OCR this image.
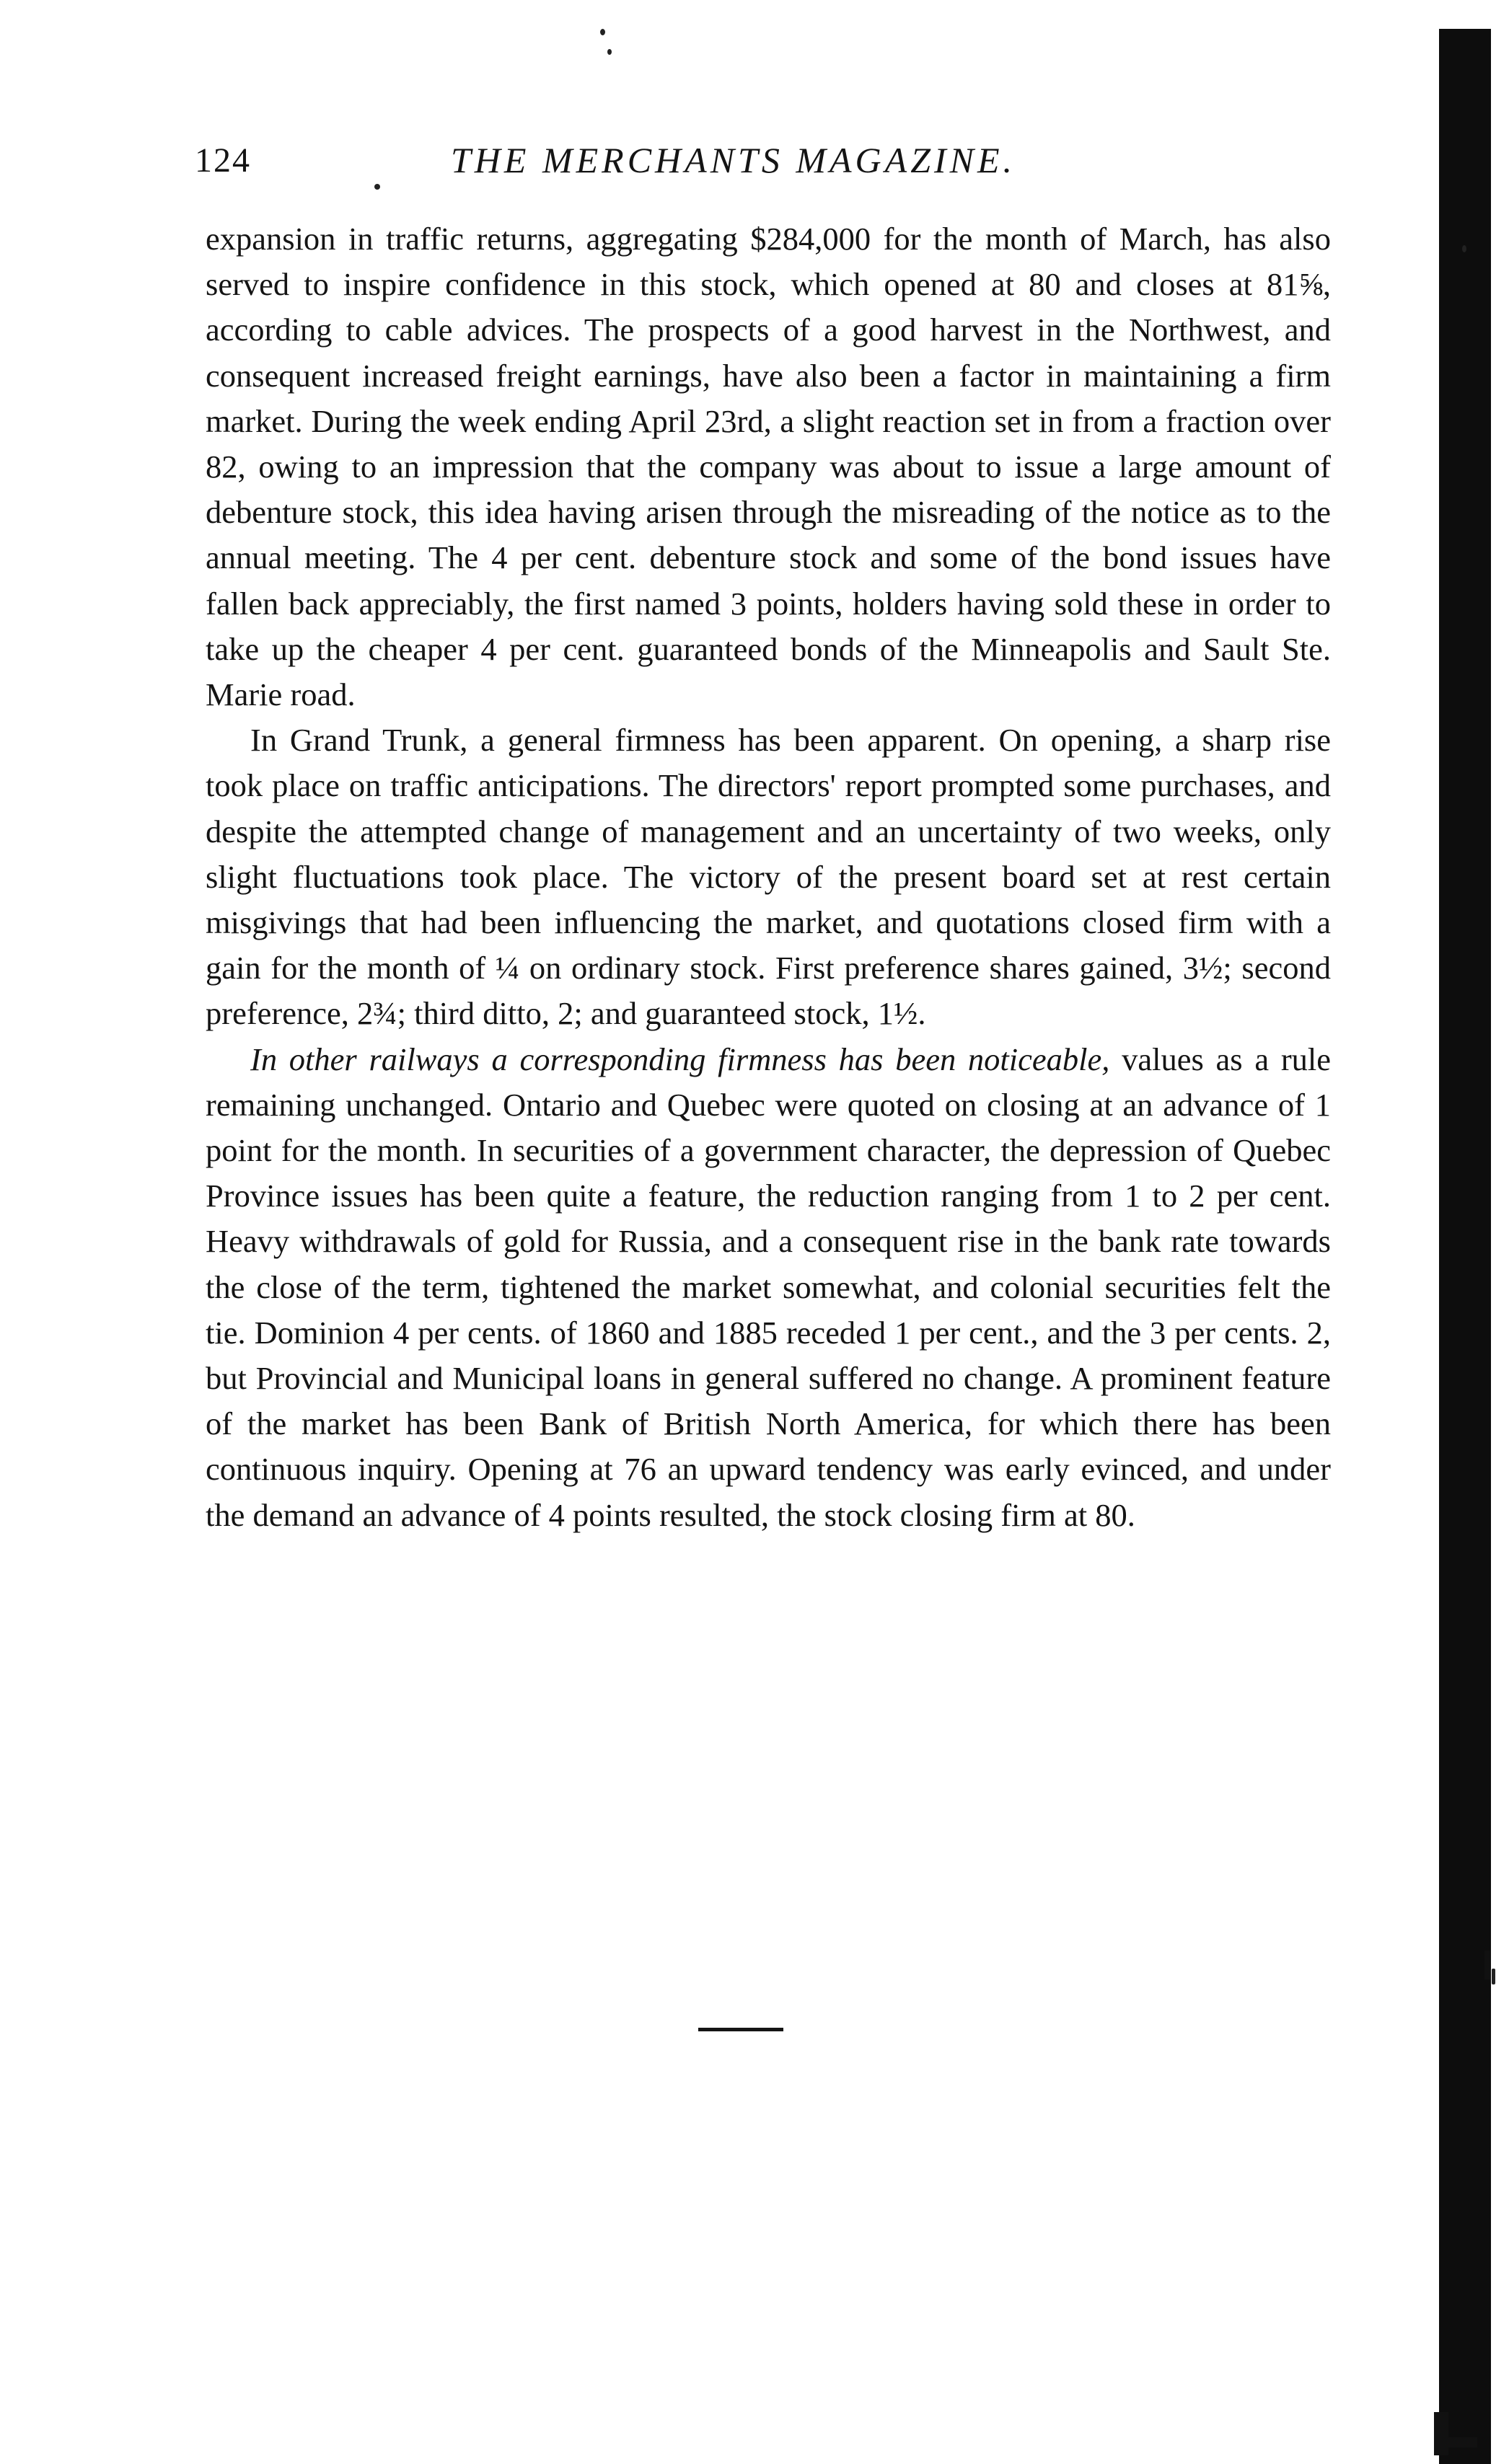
124	THE MERCHANTS MAGAZINE.

expansion in traffic returns, aggregating $284,000 for the month of March, has also served to inspire confidence in this stock, which opened at 80 and closes at 81⅝, according to cable advices. The prospects of a good harvest in the Northwest, and consequent increased freight earnings, have also been a factor in maintaining a firm market. During the week ending April 23rd, a slight reaction set in from a fraction over 82, owing to an impression that the company was about to issue a large amount of debenture stock, this idea having arisen through the misreading of the notice as to the annual meeting. The 4 per cent. debenture stock and some of the bond issues have fallen back appreciably, the first named 3 points, holders having sold these in order to take up the cheaper 4 per cent. guaranteed bonds of the Minneapolis and Sault Ste. Marie road.

In Grand Trunk, a general firmness has been apparent. On opening, a sharp rise took place on traffic anticipations. The directors' report prompted some purchases, and despite the attempted change of management and an uncertainty of two weeks, only slight fluctuations took place. The victory of the present board set at rest certain misgivings that had been influencing the market, and quotations closed firm with a gain for the month of ¼ on ordinary stock. First preference shares gained, 3½; second preference, 2¾; third ditto, 2; and guaranteed stock, 1½.

In other railways a corresponding firmness has been noticeable, values as a rule remaining unchanged. Ontario and Quebec were quoted on closing at an advance of 1 point for the month. In securities of a government character, the depression of Quebec Province issues has been quite a feature, the reduction ranging from 1 to 2 per cent. Heavy withdrawals of gold for Russia, and a consequent rise in the bank rate towards the close of the term, tightened the market somewhat, and colonial securities felt the tie. Dominion 4 per cents. of 1860 and 1885 receded 1 per cent., and the 3 per cents. 2, but Provincial and Municipal loans in general suffered no change. A prominent feature of the market has been Bank of British North America, for which there has been continuous inquiry. Opening at 76 an upward tendency was early evinced, and under the demand an advance of 4 points resulted, the stock closing firm at 80.
